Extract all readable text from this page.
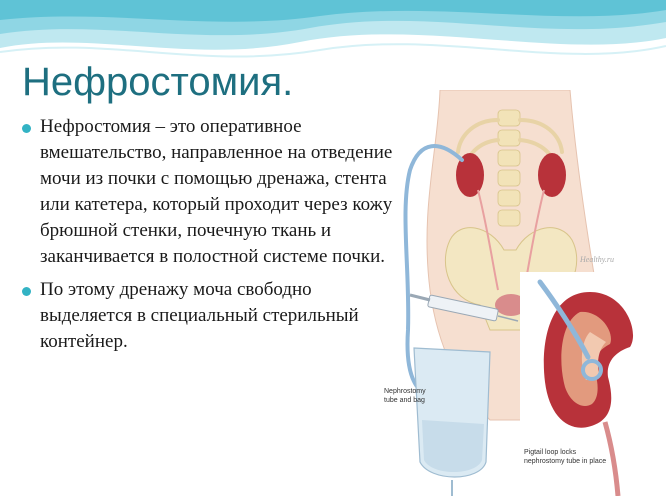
Нефростомия.
Нефростомия – это оперативное вмешательство, направленное на отведение мочи из почки с помощью дренажа, стента или катетера, который проходит через кожу брюшной стенки, почечную ткань и заканчивается в полостной системе почки.
По этому дренажу моча свободно выделяется в специальный стерильный контейнер.
Nephrostomy
tube and bag
Healthy.ru
Pigtail loop locks
nephrostomy tube in place
